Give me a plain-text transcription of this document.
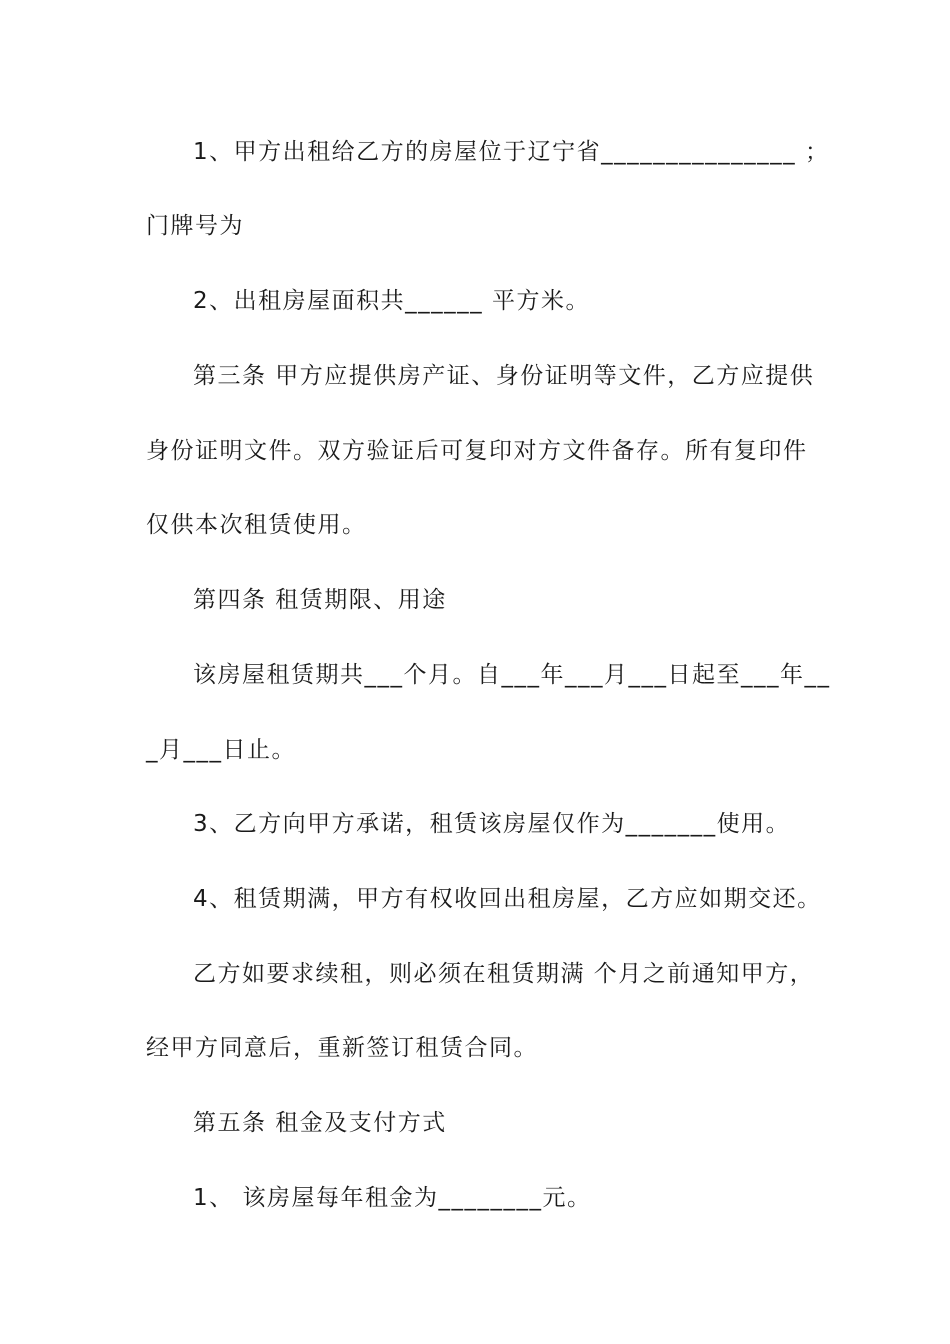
1、甲方出租给乙方的房屋位于辽宁省_______________ ；
门牌号为
2、出租房屋面积共______ 平方米。
第三条 甲方应提供房产证、身份证明等文件，乙方应提供
身份证明文件。双方验证后可复印对方文件备存。所有复印件
仅供本次租赁使用。
第四条 租赁期限、用途
该房屋租赁期共___个月。自___年___月___日起至___年__
_月___日止。
3、乙方向甲方承诺，租赁该房屋仅作为_______使用。
4、租赁期满，甲方有权收回出租房屋，乙方应如期交还。
乙方如要求续租，则必须在租赁期满 个月之前通知甲方，
经甲方同意后，重新签订租赁合同。
第五条 租金及支付方式
1、 该房屋每年租金为________元。
